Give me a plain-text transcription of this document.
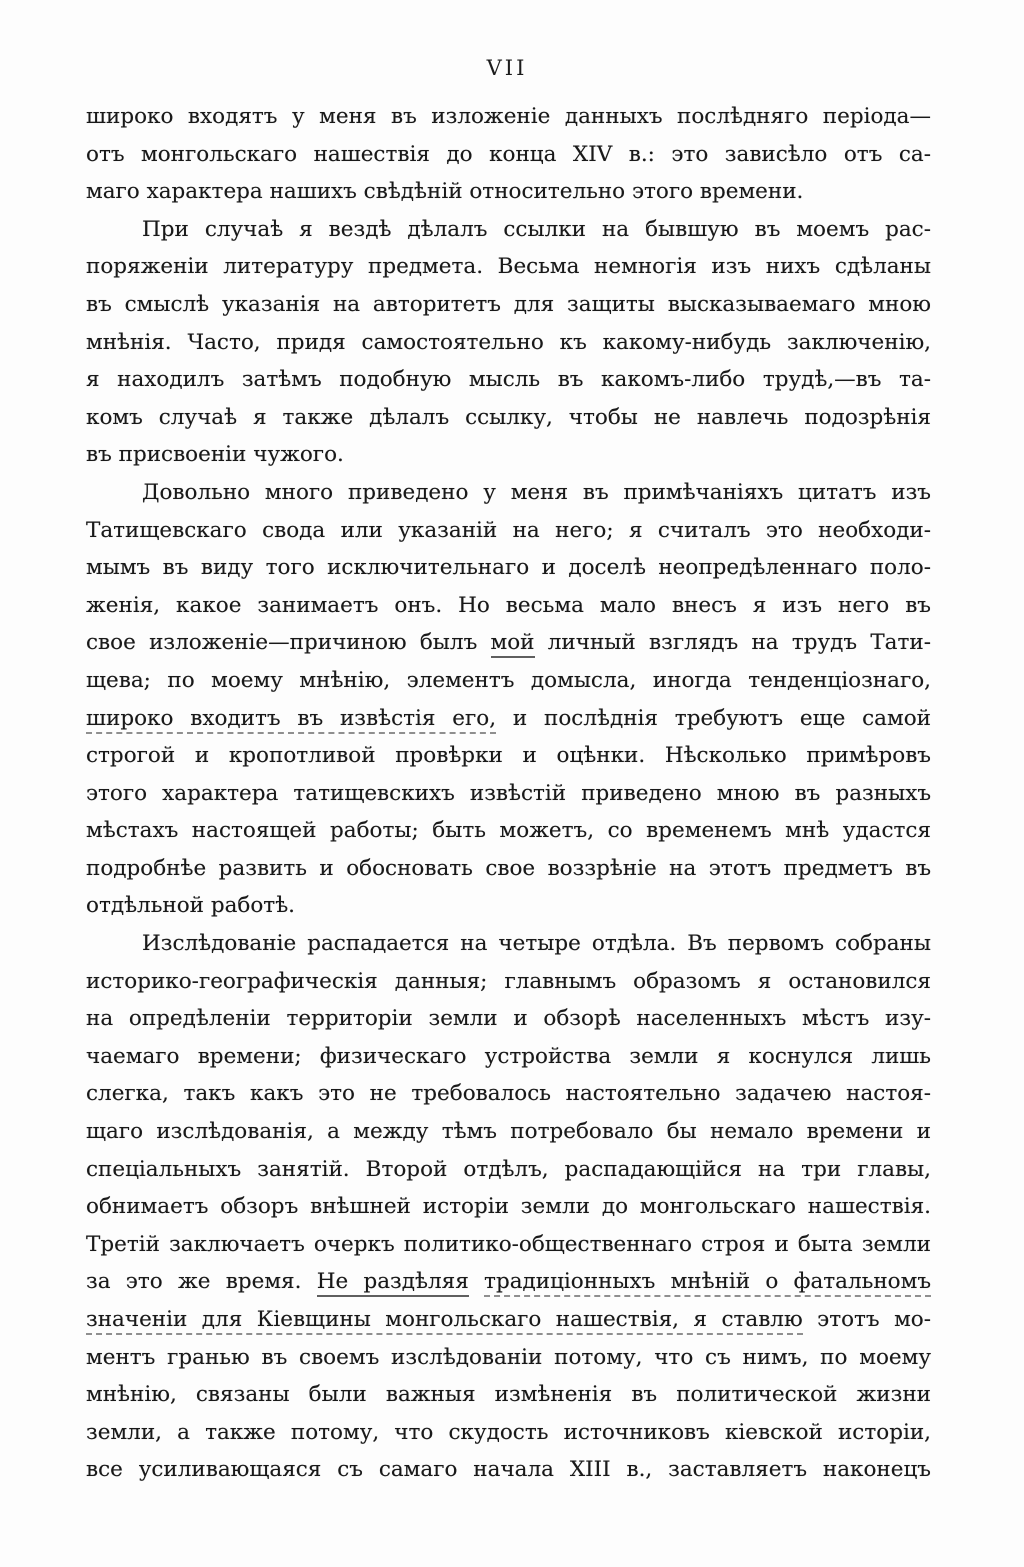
VII
широко входятъ у меня въ изложеніе данныхъ послѣдняго періода—
отъ монгольскаго нашествія до конца XIV в.: это зависѣло отъ са-
маго характера нашихъ свѣдѣній относительно этого времени.
При случаѣ я вездѣ дѣлалъ ссылки на бывшую въ моемъ рас-
поряженіи литературу предмета. Весьма немногія изъ нихъ сдѣланы
въ смыслѣ указанія на авторитетъ для защиты высказываемаго мною
мнѣнія. Часто, придя самостоятельно къ какому-нибудь заключенію,
я находилъ затѣмъ подобную мысль въ какомъ-либо трудѣ,—въ та-
комъ случаѣ я также дѣлалъ ссылку, чтобы не навлечь подозрѣнія
въ присвоеніи чужого.
Довольно много приведено у меня въ примѣчаніяхъ цитатъ изъ
Татищевскаго свода или указаній на него; я считалъ это необходи-
мымъ въ виду того исключительнаго и доселѣ неопредѣленнаго поло-
женія, какое занимаетъ онъ. Но весьма мало внесъ я изъ него въ
свое изложеніе—причиною былъ мой личный взглядъ на трудъ Тати-
щева; по моему мнѣнію, элементъ домысла, иногда тенденціознаго,
широко входитъ въ извѣстія его, и послѣднія требуютъ еще самой
строгой и кропотливой провѣрки и оцѣнки. Нѣсколько примѣровъ
этого характера татищевскихъ извѣстій приведено мною въ разныхъ
мѣстахъ настоящей работы; быть можетъ, со временемъ мнѣ удастся
подробнѣе развить и обосновать свое воззрѣніе на этотъ предметъ въ
отдѣльной работѣ.
Изслѣдованіе распадается на четыре отдѣла. Въ первомъ собраны
историко-географическія данныя; главнымъ образомъ я остановился
на опредѣленіи территоріи земли и обзорѣ населенныхъ мѣстъ изу-
чаемаго времени; физическаго устройства земли я коснулся лишь
слегка, такъ какъ это не требовалось настоятельно задачею настоя-
щаго изслѣдованія, а между тѣмъ потребовало бы немало времени и
спеціальныхъ занятій. Второй отдѣлъ, распадающійся на три главы,
обнимаетъ обзоръ внѣшней исторіи земли до монгольскаго нашествія.
Третій заключаетъ очеркъ политико-общественнаго строя и быта земли
за это же время. Не раздѣляя традиціонныхъ мнѣній о фатальномъ
значеніи для Кіевщины монгольскаго нашествія, я ставлю этотъ мо-
ментъ гранью въ своемъ изслѣдованіи потому, что съ нимъ, по моему
мнѣнію, связаны были важныя измѣненія въ политической жизни
земли, а также потому, что скудость источниковъ кіевской исторіи,
все усиливающаяся съ самаго начала XIII в., заставляетъ наконецъ
